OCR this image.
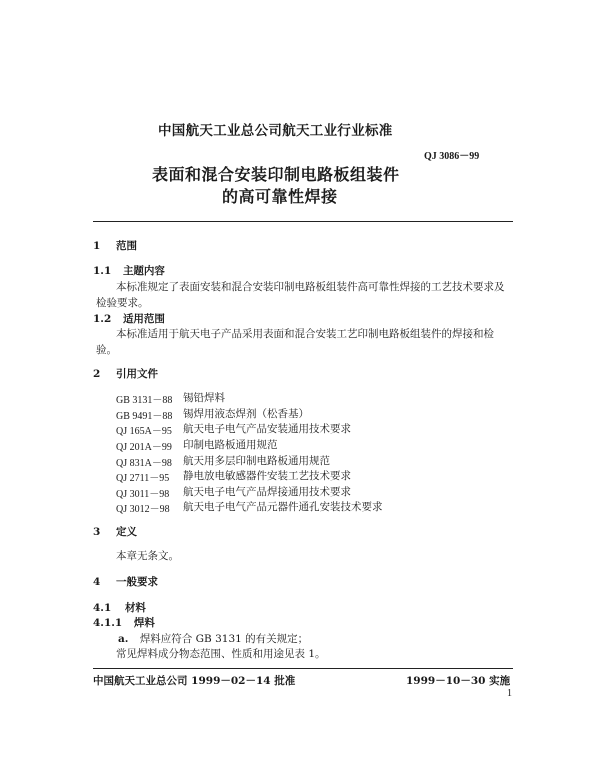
中国航天工业总公司航天工业行业标准
QJ 3086－99
表面和混合安装印制电路板组装件
的高可靠性焊接
1 范围
1.1 主题内容
本标准规定了表面安装和混合安装印制电路板组装件高可靠性焊接的工艺技术要求及
检验要求。
1.2 适用范围
本标准适用于航天电子产品采用表面和混合安装工艺印制电路板组装件的焊接和检
验。
2 引用文件
GB 3131－88 锡铅焊料
GB 9491－88 锡焊用液态焊剂（松香基）
QJ 165A－95 航天电子电气产品安装通用技术要求
QJ 201A－99 印制电路板通用规范
QJ 831A－98 航天用多层印制电路板通用规范
QJ 2711－95 静电放电敏感器件安装工艺技术要求
QJ 3011－98 航天电子电气产品焊接通用技术要求
QJ 3012－98 航天电子电气产品元器件通孔安装技术要求
3 定义
本章无条文。
4 一般要求
4.1 材料
4.1.1 焊料
a. 焊料应符合 GB 3131 的有关规定；
常见焊料成分物态范围、性质和用途见表 1。
中国航天工业总公司 1999－02－14 批准	1999－10－30 实施
1
